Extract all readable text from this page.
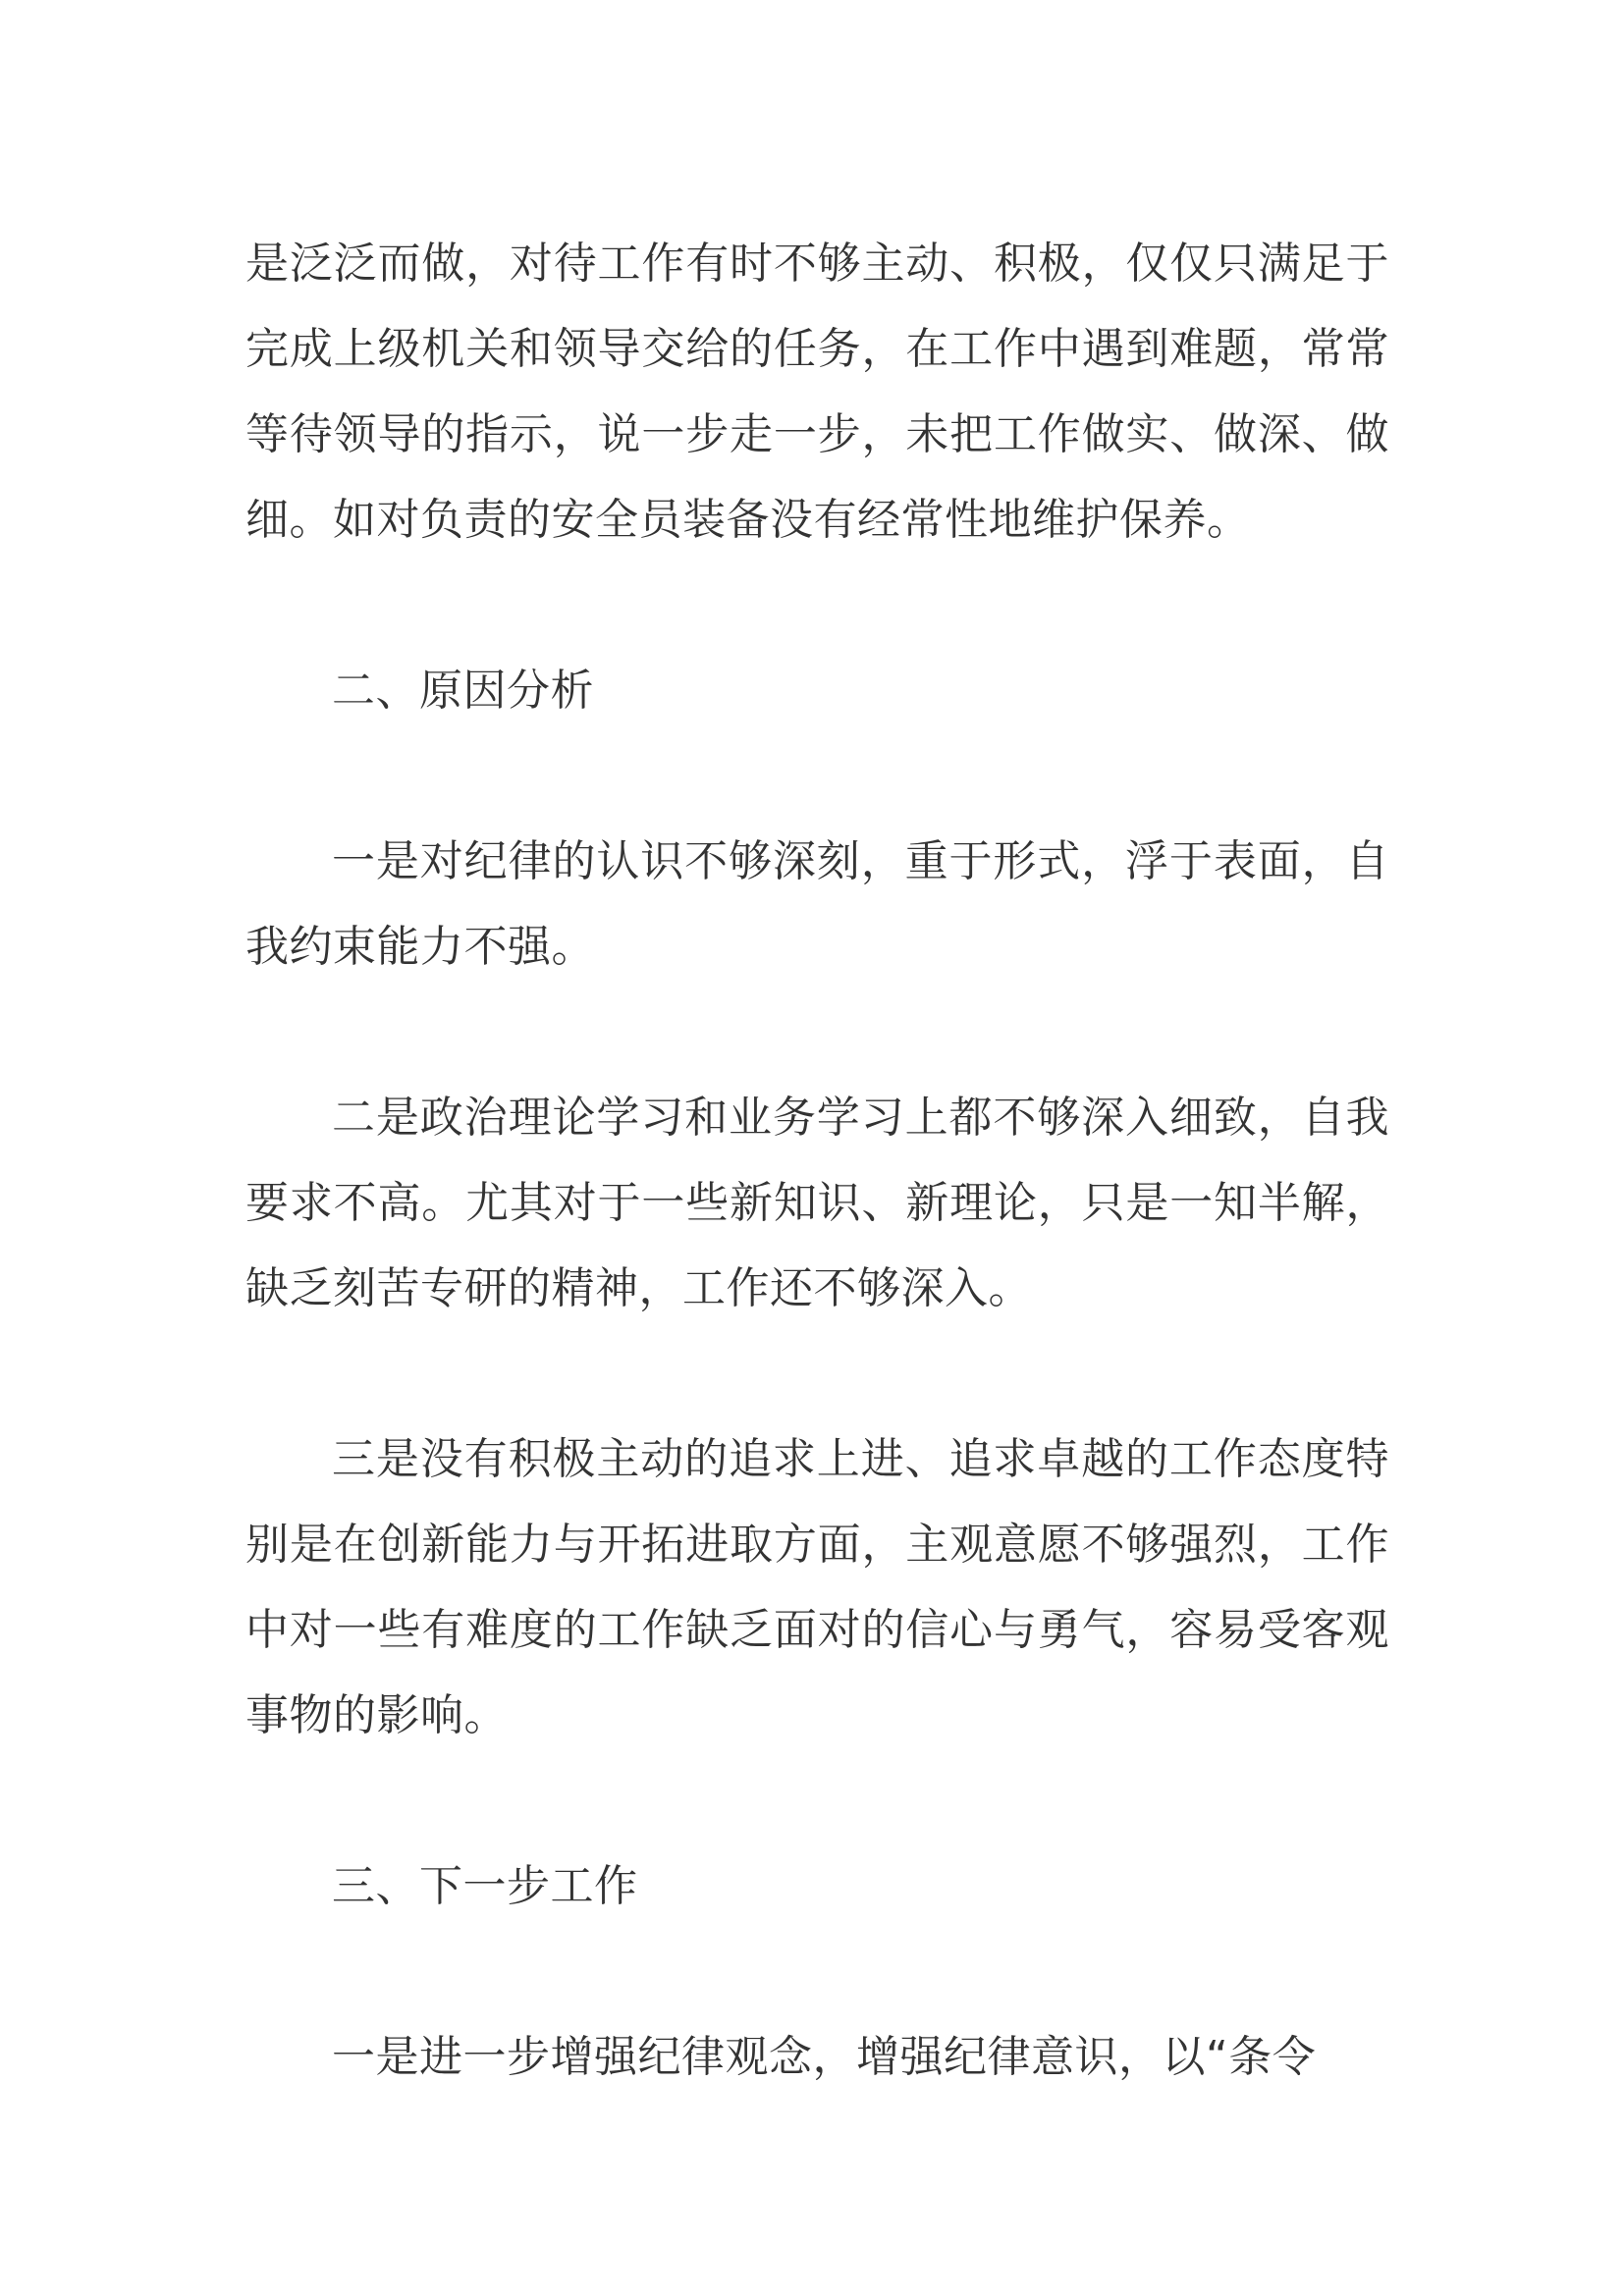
是泛泛而做，对待工作有时不够主动、积极，仅仅只满足于完成上级机关和领导交给的任务，在工作中遇到难题，常常等待领导的指示，说一步走一步，未把工作做实、做深、做细。如对负责的安全员装备没有经常性地维护保养。

二、原因分析

一是对纪律的认识不够深刻，重于形式，浮于表面，自我约束能力不强。

二是政治理论学习和业务学习上都不够深入细致，自我要求不高。尤其对于一些新知识、新理论，只是一知半解，缺乏刻苦专研的精神，工作还不够深入。

三是没有积极主动的追求上进、追求卓越的工作态度特别是在创新能力与开拓进取方面，主观意愿不够强烈，工作中对一些有难度的工作缺乏面对的信心与勇气，容易受客观事物的影响。

三、下一步工作

一是进一步增强纪律观念，增强纪律意识，以“条令
